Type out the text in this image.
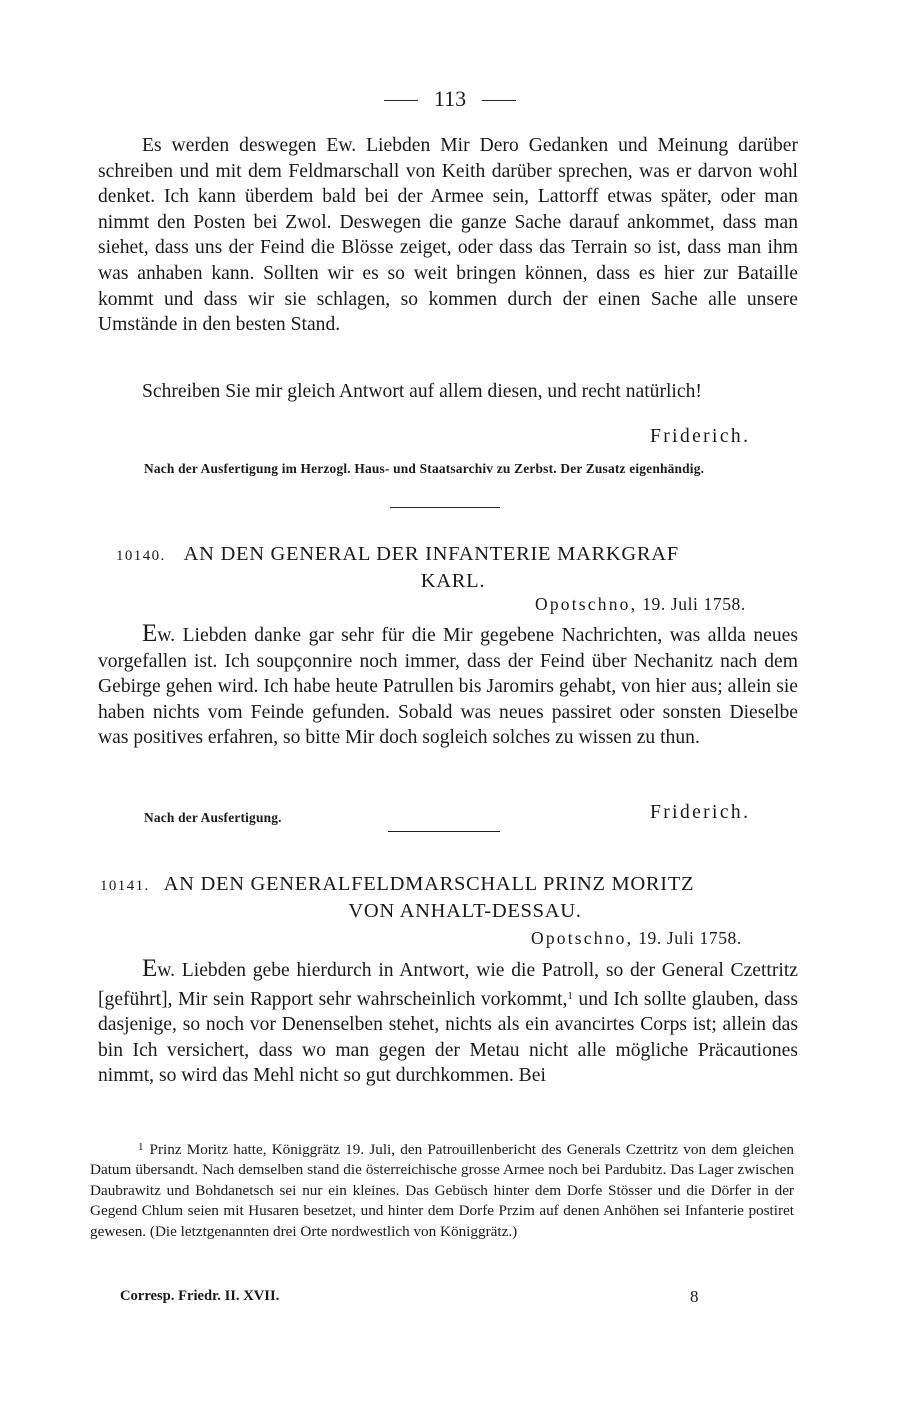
113

Es werden deswegen Ew. Liebden Mir Dero Gedanken und Meinung darüber schreiben und mit dem Feldmarschall von Keith darüber sprechen, was er darvon wohl denket. Ich kann überdem bald bei der Armee sein, Lattorff etwas später, oder man nimmt den Posten bei Zwol. Deswegen die ganze Sache darauf ankommet, dass man siehet, dass uns der Feind die Blösse zeiget, oder dass das Terrain so ist, dass man ihm was anhaben kann. Sollten wir es so weit bringen können, dass es hier zur Bataille kommt und dass wir sie schlagen, so kommen durch der einen Sache alle unsere Umstände in den besten Stand.

Schreiben Sie mir gleich Antwort auf allem diesen, und recht natürlich!

Friderich.
Nach der Ausfertigung im Herzogl. Haus- und Staatsarchiv zu Zerbst. Der Zusatz eigenhändig.
10140. AN DEN GENERAL DER INFANTERIE MARKGRAF
KARL.
Opotschno, 19. Juli 1758.

Ew. Liebden danke gar sehr für die Mir gegebene Nachrichten, was allda neues vorgefallen ist. Ich soupçonnire noch immer, dass der Feind über Nechanitz nach dem Gebirge gehen wird. Ich habe heute Patrullen bis Jaromirs gehabt, von hier aus; allein sie haben nichts vom Feinde gefunden. Sobald was neues passiret oder sonsten Dieselbe was positives erfahren, so bitte Mir doch sogleich solches zu wissen zu thun.

Nach der Ausfertigung.	Friderich.
10141. AN DEN GENERALFELDMARSCHALL PRINZ MORITZ
VON ANHALT-DESSAU.
Opotschno, 19. Juli 1758.

Ew. Liebden gebe hierdurch in Antwort, wie die Patroll, so der General Czettritz [geführt], Mir sein Rapport sehr wahrscheinlich vorkommt,$^1$ und Ich sollte glauben, dass dasjenige, so noch vor Denenselben stehet, nichts als ein avancirtes Corps ist; allein das bin Ich versichert, dass wo man gegen der Metau nicht alle mögliche Präcautiones nimmt, so wird das Mehl nicht so gut durchkommen. Bei

$^1$ Prinz Moritz hatte, Königgrätz 19. Juli, den Patrouillenbericht des Generals Czettritz von dem gleichen Datum übersandt. Nach demselben stand die österreichische grosse Armee noch bei Pardubitz. Das Lager zwischen Daubrawitz und Bohdanetsch sei nur ein kleines. Das Gebüsch hinter dem Dorfe Stösser und die Dörfer in der Gegend Chlum seien mit Husaren besetzet, und hinter dem Dorfe Przim auf denen Anhöhen sei Infanterie postiret gewesen. (Die letztgenannten drei Orte nordwestlich von Königgrätz.)

Corresp. Friedr. II. XVII.	8
